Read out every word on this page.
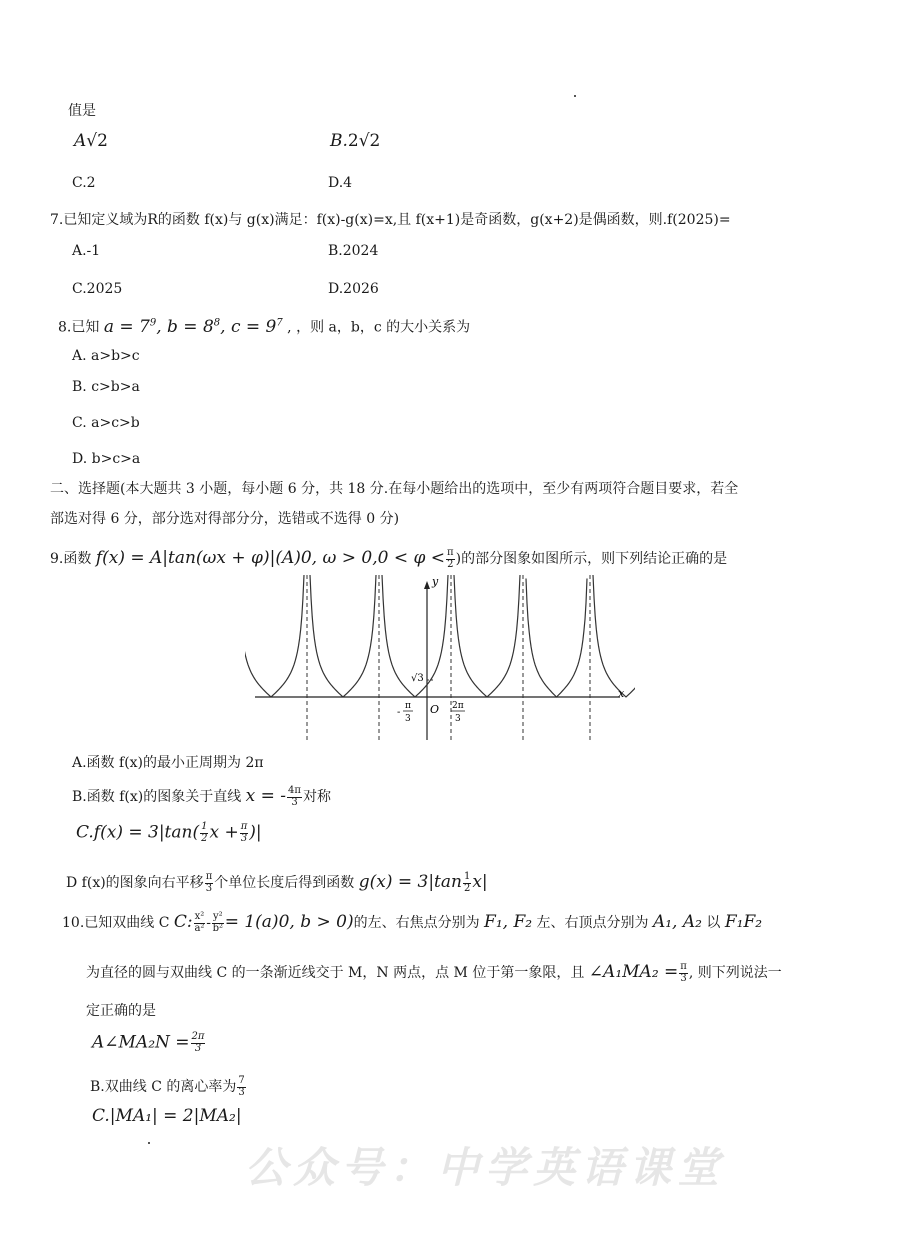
值是
A√2	B.2√2
C.2	D.4
7.已知定义域为R的函数 f(x)与 g(x)满足：f(x)-g(x)=x,且 f(x+1)是奇函数，g(x+2)是偶函数，则.f(2025)=
A.-1	B.2024
C.2025	D.2026
8.已知 $a = 7^9$, $b = 8^8$, $c = 9^7$ , ，则 a，b，c 的大小关系为
A. a>b>c
B. c>b>a
C. a>c>b
D. b>c>a
二、选择题(本大题共 3 小题，每小题 6 分，共 18 分.在每小题给出的选项中，至少有两项符合题目要求，若全
部选对得 6 分，部分选对得部分分，选错或不选得 0 分)
9.函数 f(x) = A|tan(ωx + φ)|(A)0, $\omega > 0,0 < \varphi < \frac{\pi}{2}$ )的部分图象如图所示，则下列结论正确的是
y
x
√3
O
-
π
3
2π
3
A.函数 f(x)的最小正周期为 2π
B.函数 f(x)的图象关于直线 x = - $\frac{4\pi}{3}$ 对称
$C.f(x) = 3|\tan( \frac{1}{2}$ $x + \frac{\pi}{3}$ )|
D f(x)的图象向右平移 $\frac{\pi}{3}$ 个单位长度后得到函数 $g(x) = 3|\tan \frac{1}{2} x|$
10.已知双曲线 C C: $\frac{\text{x²}}{\text{a²}} - \frac{\text{y²}}{\text{b²}} = 1(a)0$, b > 0)的左、右焦点分别为 F₁, F₂ 左、右顶点分别为 A₁, A₂ 以 F₁F₂
为直径的圆与双曲线 C 的一条渐近线交于 M，N 两点，点 M 位于第一象限，且 ∠A₁MA₂ = $\frac{\pi}{3}$ , 则下列说法一
定正确的是
A∠MA₂N = $\frac{2\pi}{3}$
B.双曲线 C 的离心率为 $\frac{7}{3}$
C.|MA₁| = 2|MA₂|
公众号：中学英语课堂
